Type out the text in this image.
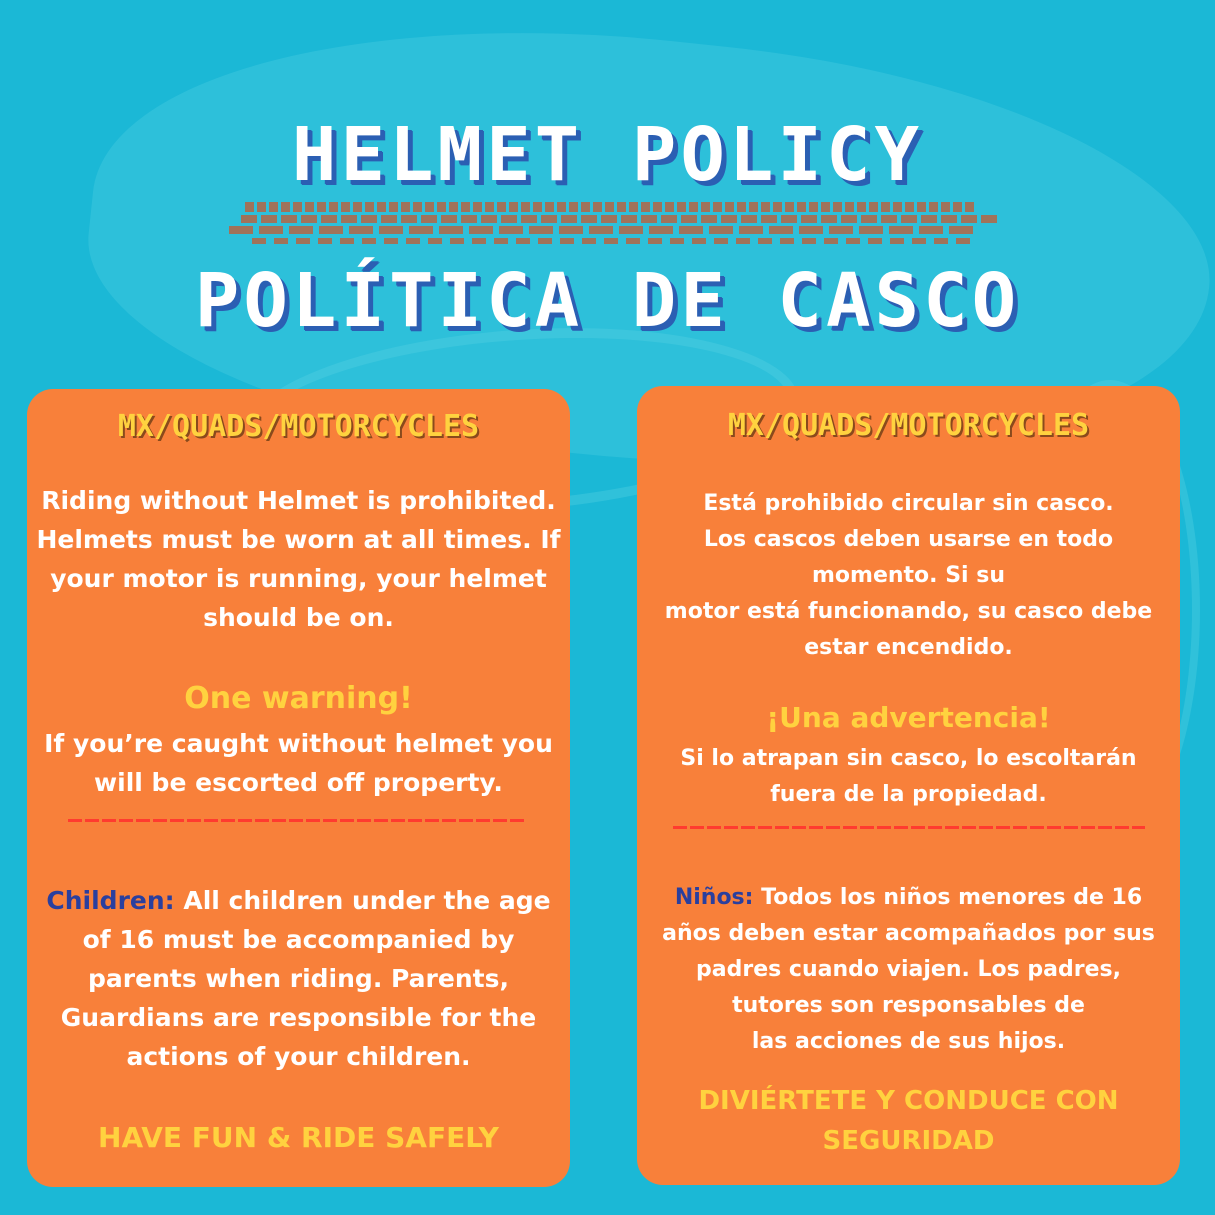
HELMET POLICY
POLÍTICA DE CASCO
MX/QUADS/MOTORCYCLES
Riding without Helmet is prohibited.
Helmets must be worn at all times. If
your motor is running, your helmet
should be on.
One warning!
If you’re caught without helmet you
will be escorted off property.
Children: All children under the age
of 16 must be accompanied by
parents when riding. Parents,
Guardians are responsible for the
actions of your children.
HAVE FUN & RIDE SAFELY
MX/QUADS/MOTORCYCLES
Está prohibido circular sin casco.
Los cascos deben usarse en todo
momento. Si su
motor está funcionando, su casco debe
estar encendido.
¡Una advertencia!
Si lo atrapan sin casco, lo escoltarán
fuera de la propiedad.
Niños: Todos los niños menores de 16
años deben estar acompañados por sus
padres cuando viajen. Los padres,
tutores son responsables de
las acciones de sus hijos.
DIVIÉRTETE Y CONDUCE CON
SEGURIDAD
